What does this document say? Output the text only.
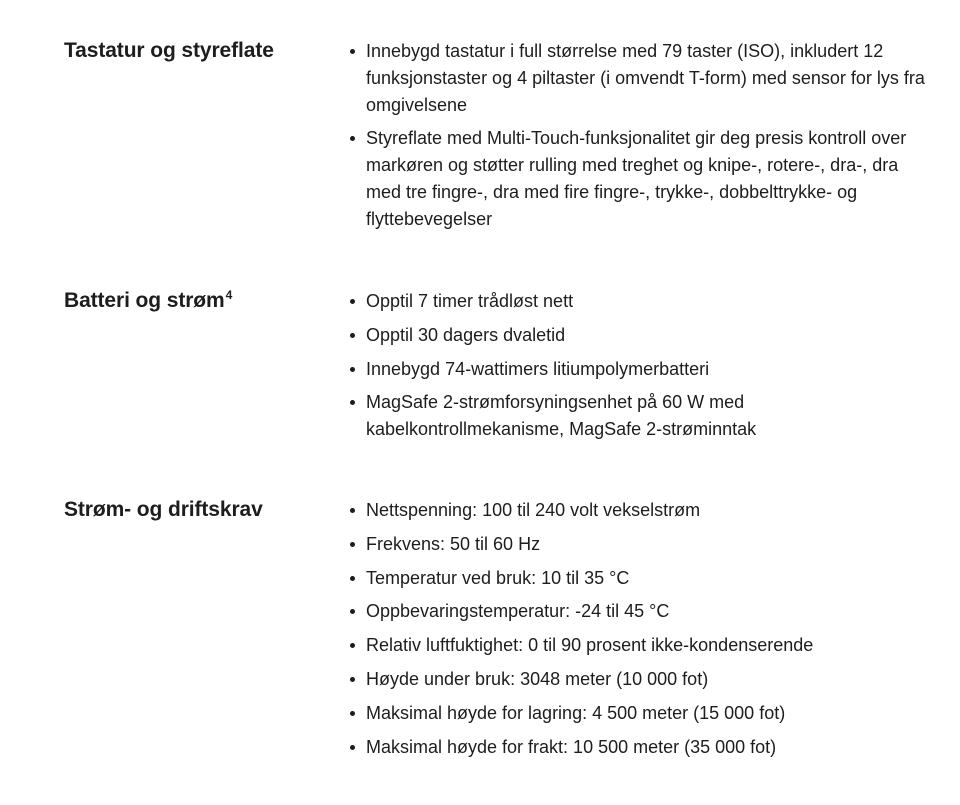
Tastatur og styreflate	Innebygd tastatur i full størrelse med 79 taster (ISO), inkludert 12 funksjonstaster og 4 piltaster (i omvendt T-form) med sensor for lys fra omgivelsene
Styreflate med Multi-Touch-funksjonalitet gir deg presis kontroll over markøren og støtter rulling med treghet og knipe-, rotere-, dra-, dra med tre fingre-, dra med fire fingre-, trykke-, dobbelttrykke- og flyttebevegelser
Batteri og strøm$^4$	Opptil 7 timer trådløst nett
Opptil 30 dagers dvaletid
Innebygd 74-wattimers litiumpolymerbatteri
MagSafe 2-strømforsyningsenhet på 60 W med kabelkontrollmekanisme, MagSafe 2-strøminntak
Strøm- og driftskrav	Nettspenning: 100 til 240 volt vekselstrøm
Frekvens: 50 til 60 Hz
Temperatur ved bruk: 10 til 35 °C
Oppbevaringstemperatur: -24 til 45 °C
Relativ luftfuktighet: 0 til 90 prosent ikke-kondenserende
Høyde under bruk: 3048 meter (10 000 fot)
Maksimal høyde for lagring: 4 500 meter (15 000 fot)
Maksimal høyde for frakt: 10 500 meter (35 000 fot)
